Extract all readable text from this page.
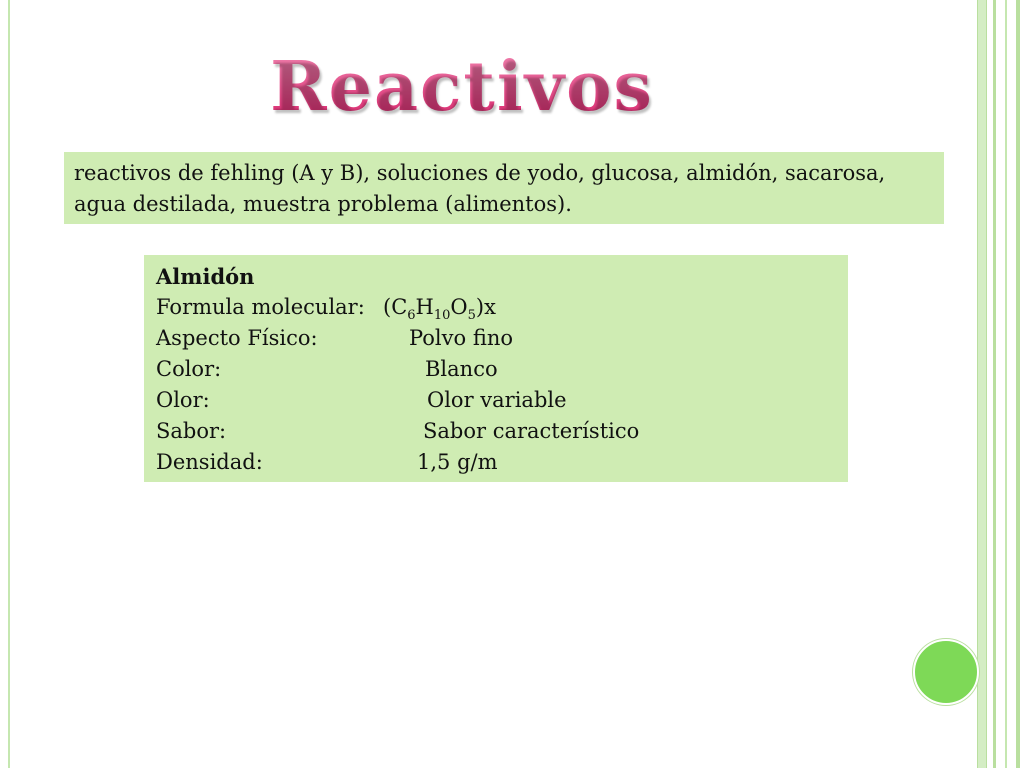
Reactivos
reactivos de fehling (A y B), soluciones de yodo, glucosa, almidón, sacarosa, agua destilada, muestra problema (alimentos).
Almidón
Formula molecular: $(C_6H_{10}O_5)x$
Aspecto Físico:	Polvo fino
Color:	Blanco
Olor:	Olor variable
Sabor:	Sabor característico
Densidad:	1,5 g/m
